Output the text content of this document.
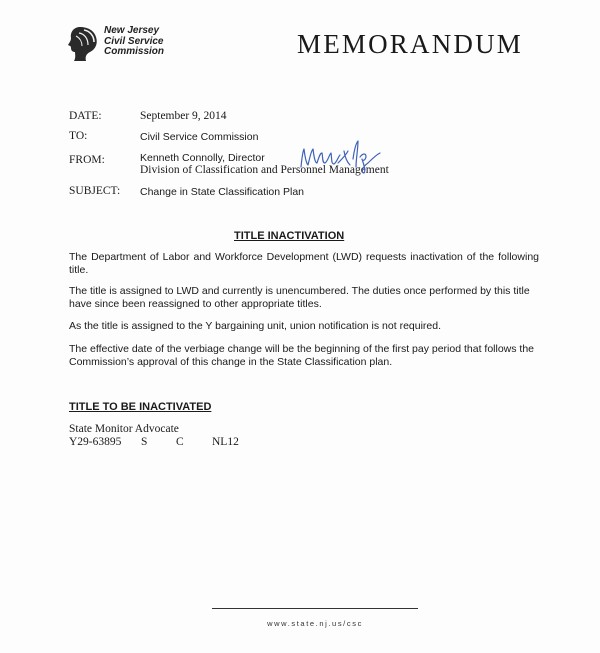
New Jersey
Civil Service
Commission	MEMORANDUM
DATE:	September 9, 2014
TO:	Civil Service Commission
FROM:	Kenneth Connolly, Director
Division of Classification and Personnel Management
SUBJECT: Change in State Classification Plan
TITLE INACTIVATION

The Department of Labor and Workforce Development (LWD) requests inactivation of the following title.

The title is assigned to LWD and currently is unencumbered. The duties once performed by this title have since been reassigned to other appropriate titles.

As the title is assigned to the Y bargaining unit, union notification is not required.

The effective date of the verbiage change will be the beginning of the first pay period that follows the Commission’s approval of this change in the State Classification plan.

TITLE TO BE INACTIVATED
State Monitor Advocate
Y29-63895 S C NL12
www.state.nj.us/csc
